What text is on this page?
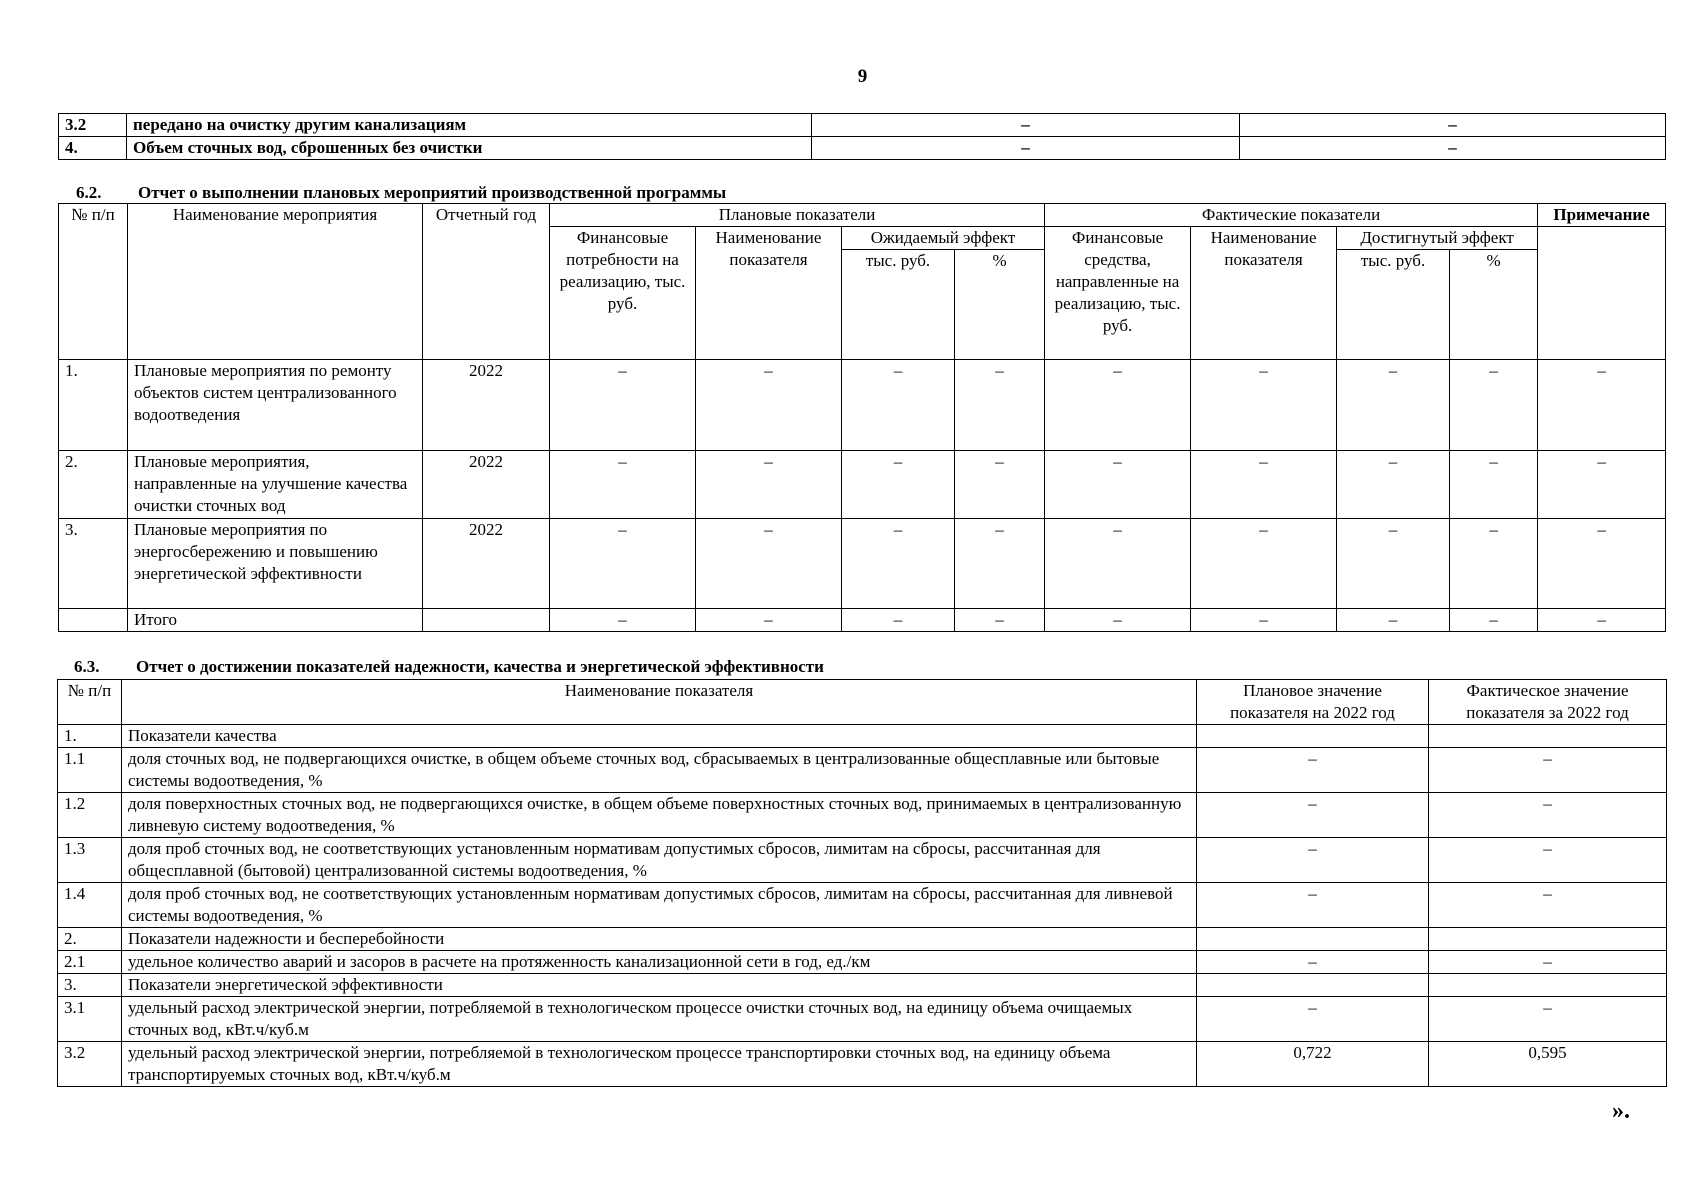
9
3.2	передано на очистку другим канализациям	–	–
4.	Объем сточных вод, сброшенных без очистки	–	–
6.2. Отчет о выполнении плановых мероприятий производственной программы
№ п/п	Наименование мероприятия	Отчетный год	Плановые показатели				Фактические показатели				Примечание
			Финансовые потребности на реализацию, тыс. руб.	Наименование показателя	Ожидаемый эффект		Финансовые средства, направленные на реализацию, тыс. руб.	Наименование показателя	Достигнутый эффект		
					тыс. руб.	%			тыс. руб.	%	
1.	Плановые мероприятия по ремонту объектов систем централизованного водоотведения	2022	–	–	–	–	–	–	–	–	–
2.	Плановые мероприятия, направленные на улучшение качества очистки сточных вод	2022	–	–	–	–	–	–	–	–	–
3.	Плановые мероприятия по энергосбережению и повышению энергетической эффективности	2022	–	–	–	–	–	–	–	–	–
	Итого		–	–	–	–	–	–	–	–	–
6.3. Отчет о достижении показателей надежности, качества и энергетической эффективности
№ п/п	Наименование показателя	Плановое значение показателя на 2022 год	Фактическое значение показателя за 2022 год
1.	Показатели качества		
1.1	доля сточных вод, не подвергающихся очистке, в общем объеме сточных вод, сбрасываемых в централизованные общесплавные или бытовые системы водоотведения, %	–	–
1.2	доля поверхностных сточных вод, не подвергающихся очистке, в общем объеме поверхностных сточных вод, принимаемых в централизованную ливневую систему водоотведения, %	–	–
1.3	доля проб сточных вод, не соответствующих установленным нормативам допустимых сбросов, лимитам на сбросы, рассчитанная для общесплавной (бытовой) централизованной системы водоотведения, %	–	–
1.4	доля проб сточных вод, не соответствующих установленным нормативам допустимых сбросов, лимитам на сбросы, рассчитанная для ливневой системы водоотведения, %	–	–
2.	Показатели надежности и бесперебойности		
2.1	удельное количество аварий и засоров в расчете на протяженность канализационной сети в год, ед./км	–	–
3.	Показатели энергетической эффективности		
3.1	удельный расход электрической энергии, потребляемой в технологическом процессе очистки сточных вод, на единицу объема очищаемых сточных вод, кВт.ч/куб.м	–	–
3.2	удельный расход электрической энергии, потребляемой в технологическом процессе транспортировки сточных вод, на единицу объема транспортируемых сточных вод, кВт.ч/куб.м	0,722	0,595
».
